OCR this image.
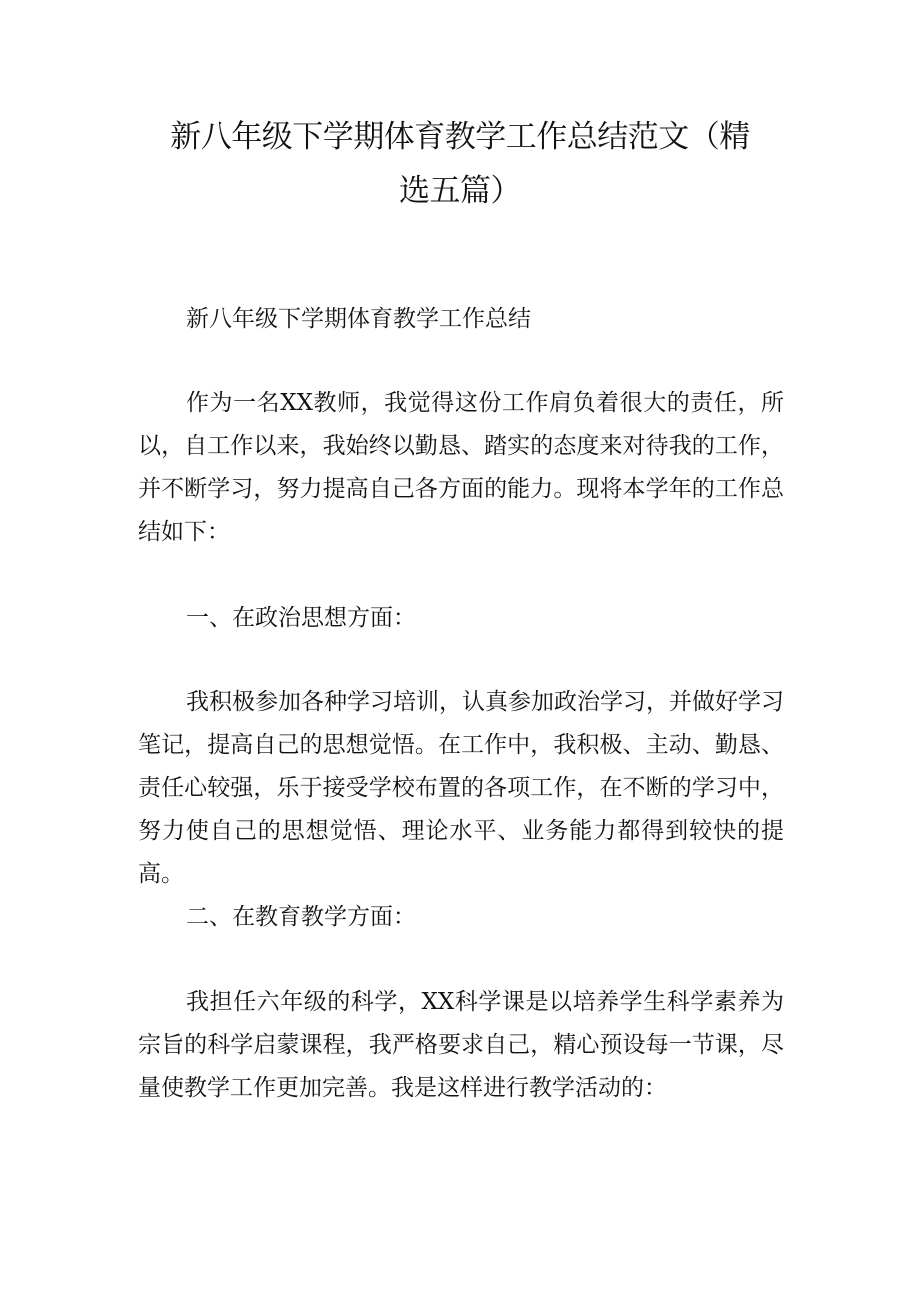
新八年级下学期体育教学工作总结范文（精
选五篇）
新八年级下学期体育教学工作总结
作为一名XX教师，我觉得这份工作肩负着很大的责任，所以，自工作以来，我始终以勤恳、踏实的态度来对待我的工作，并不断学习，努力提高自己各方面的能力。现将本学年的工作总结如下：
一、在政治思想方面：
我积极参加各种学习培训，认真参加政治学习，并做好学习笔记，提高自己的思想觉悟。在工作中，我积极、主动、勤恳、责任心较强，乐于接受学校布置的各项工作，在不断的学习中，努力使自己的思想觉悟、理论水平、业务能力都得到较快的提高。
二、在教育教学方面：
我担任六年级的科学，XX科学课是以培养学生科学素养为宗旨的科学启蒙课程，我严格要求自己，精心预设每一节课，尽量使教学工作更加完善。我是这样进行教学活动的：
